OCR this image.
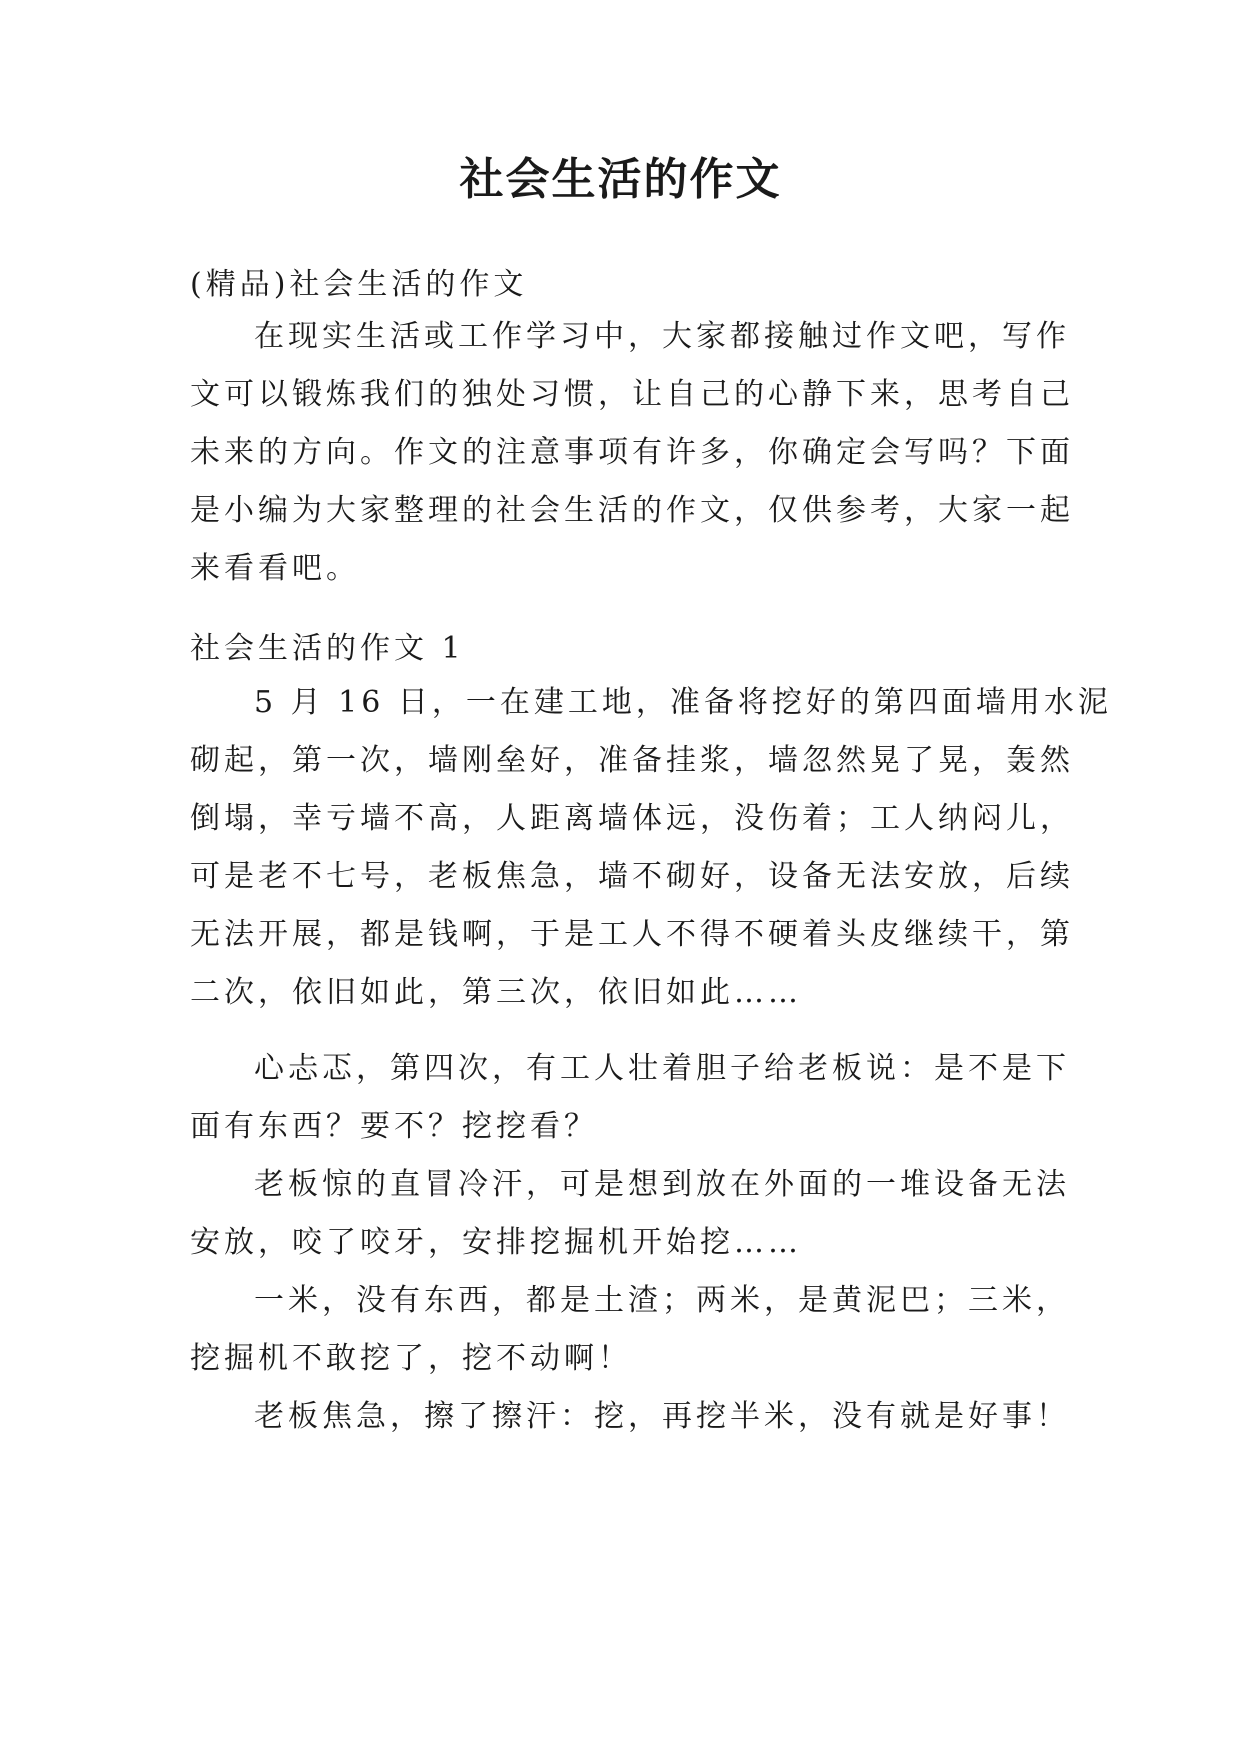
社会生活的作文

(精品)社会生活的作文

在现实生活或工作学习中，大家都接触过作文吧，写作
文可以锻炼我们的独处习惯，让自己的心静下来，思考自己
未来的方向。作文的注意事项有许多，你确定会写吗？下面
是小编为大家整理的社会生活的作文，仅供参考，大家一起
来看看吧。

社会生活的作文 1

5 月 16 日，一在建工地，准备将挖好的第四面墙用水泥
砌起，第一次，墙刚垒好，准备挂浆，墙忽然晃了晃，轰然
倒塌，幸亏墙不高，人距离墙体远，没伤着；工人纳闷儿，
可是老不七号，老板焦急，墙不砌好，设备无法安放，后续
无法开展，都是钱啊，于是工人不得不硬着头皮继续干，第
二次，依旧如此，第三次，依旧如此……

心忐忑，第四次，有工人壮着胆子给老板说：是不是下
面有东西？要不？挖挖看？

老板惊的直冒冷汗，可是想到放在外面的一堆设备无法
安放，咬了咬牙，安排挖掘机开始挖……

一米，没有东西，都是土渣；两米，是黄泥巴；三米，
挖掘机不敢挖了，挖不动啊！

老板焦急，擦了擦汗：挖，再挖半米，没有就是好事！
